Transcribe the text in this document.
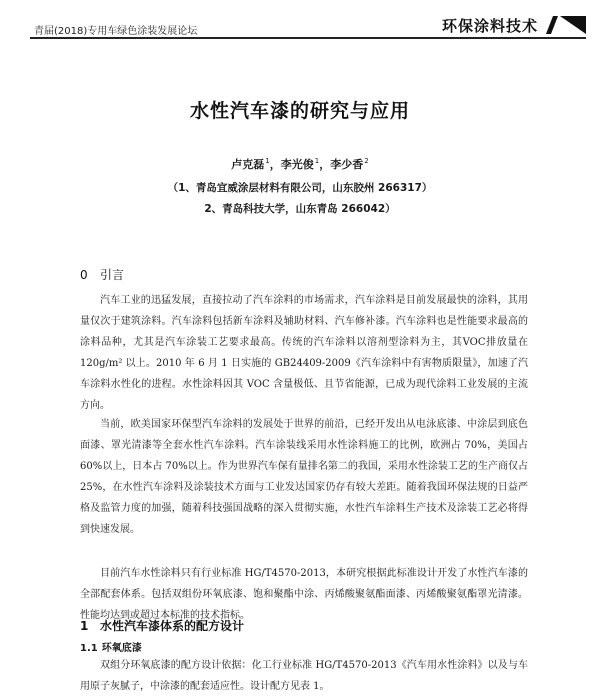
青届(2018)专用车绿色涂装发展论坛	环保涂料技术
水性汽车漆的研究与应用
卢克磊$^1$ ， 李光俊$^1$ ， 李少香$^2$
（1、青岛宜威涂层材料有限公司，山东胶州 266317）
2、青岛科技大学，山东青岛 266042）
0 引言

汽车工业的迅猛发展，直接拉动了汽车涂料的市场需求，汽车涂料是目前发展最快的涂料，其用量仅次于建筑涂料。汽车涂料包括新车涂料及辅助材料、汽车修补漆。汽车涂料也是性能要求最高的涂料品种，尤其是汽车涂装工艺要求最高。传统的汽车涂料以溶剂型涂料为主，其VOC排放量在 120g/m² 以上。2010 年 6 月 1 日实施的 GB24409-2009《汽车涂料中有害物质限量》，加速了汽车涂料水性化的进程。水性涂料因其 VOC 含量极低、且节省能源，已成为现代涂料工业发展的主流方向。

当前，欧美国家环保型汽车涂料的发展处于世界的前沿，已经开发出从电泳底漆、中涂层到底色面漆、罩光清漆等全套水性汽车涂料。汽车涂装线采用水性涂料施工的比例，欧洲占 70%，美国占 60%以上，日本占 70%以上。作为世界汽车保有量排名第二的我国，采用水性涂装工艺的生产商仅占 25%，在水性汽车涂料及涂装技术方面与工业发达国家仍存有较大差距。随着我国环保法规的日益严格及监管力度的加强，随着科技强国战略的深入贯彻实施，水性汽车涂料生产技术及涂装工艺必将得到快速发展。

目前汽车水性涂料只有行业标准 HG/T4570-2013，本研究根据此标准设计开发了水性汽车漆的全部配套体系。包括双组份环氧底漆、饱和聚酯中涂、丙烯酸聚氨酯面漆、丙烯酸聚氨酯罩光清漆。性能均达到或超过本标准的技术指标。

1 水性汽车漆体系的配方设计
1.1 环氧底漆

双组分环氧底漆的配方设计依据：化工行业标准 HG/T4570-2013《汽车用水性涂料》以及与车用原子灰腻子，中涂漆的配套适应性。设计配方见表 1。
